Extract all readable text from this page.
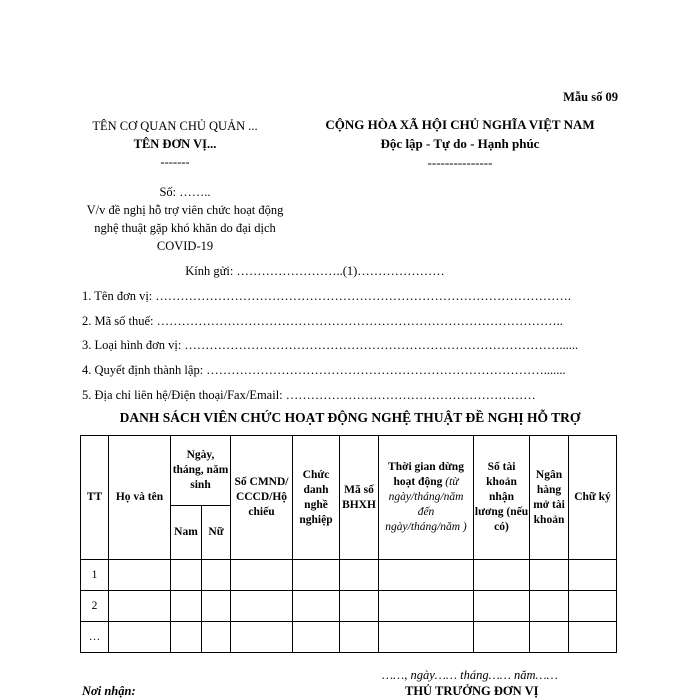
Mẫu số 09
TÊN CƠ QUAN CHỦ QUẢN ...
TÊN ĐƠN VỊ...
-------
CỘNG HÒA XÃ HỘI CHỦ NGHĨA VIỆT NAM
Độc lập - Tự do - Hạnh phúc
---------------
Số: ……..
V/v đề nghị hỗ trợ viên chức hoạt động nghệ thuật gặp khó khăn do đại dịch COVID-19
Kính gửi: ……………………..(1)…………………
1. Tên đơn vị: ……………………………………………………………………………………….
2. Mã số thuế: ……………………………………………………………………………………..
3. Loại hình đơn vị: ………………………………………………………………………………......
4. Quyết định thành lập: ……………………………………………………………………….......
5. Địa chỉ liên hệ/Điện thoại/Fax/Email: ……………………………………………………
DANH SÁCH VIÊN CHỨC HOẠT ĐỘNG NGHỆ THUẬT ĐỀ NGHỊ HỖ TRỢ
TT	Họ và tên	Ngày, tháng, năm sinh		Số CMND/ CCCD/Hộ chiếu	Chức danh nghề nghiệp	Mã số BHXH	Thời gian dừng hoạt động (từ ngày/tháng/năm đến ngày/tháng/năm )	Số tài khoản nhận lương (nếu có)	Ngân hàng mở tài khoản	Chữ ký
		Nam	Nữ							
1										
2										
…										
……, ngày…… tháng…… năm……
Nơi nhận:	THỦ TRƯỞNG ĐƠN VỊ
